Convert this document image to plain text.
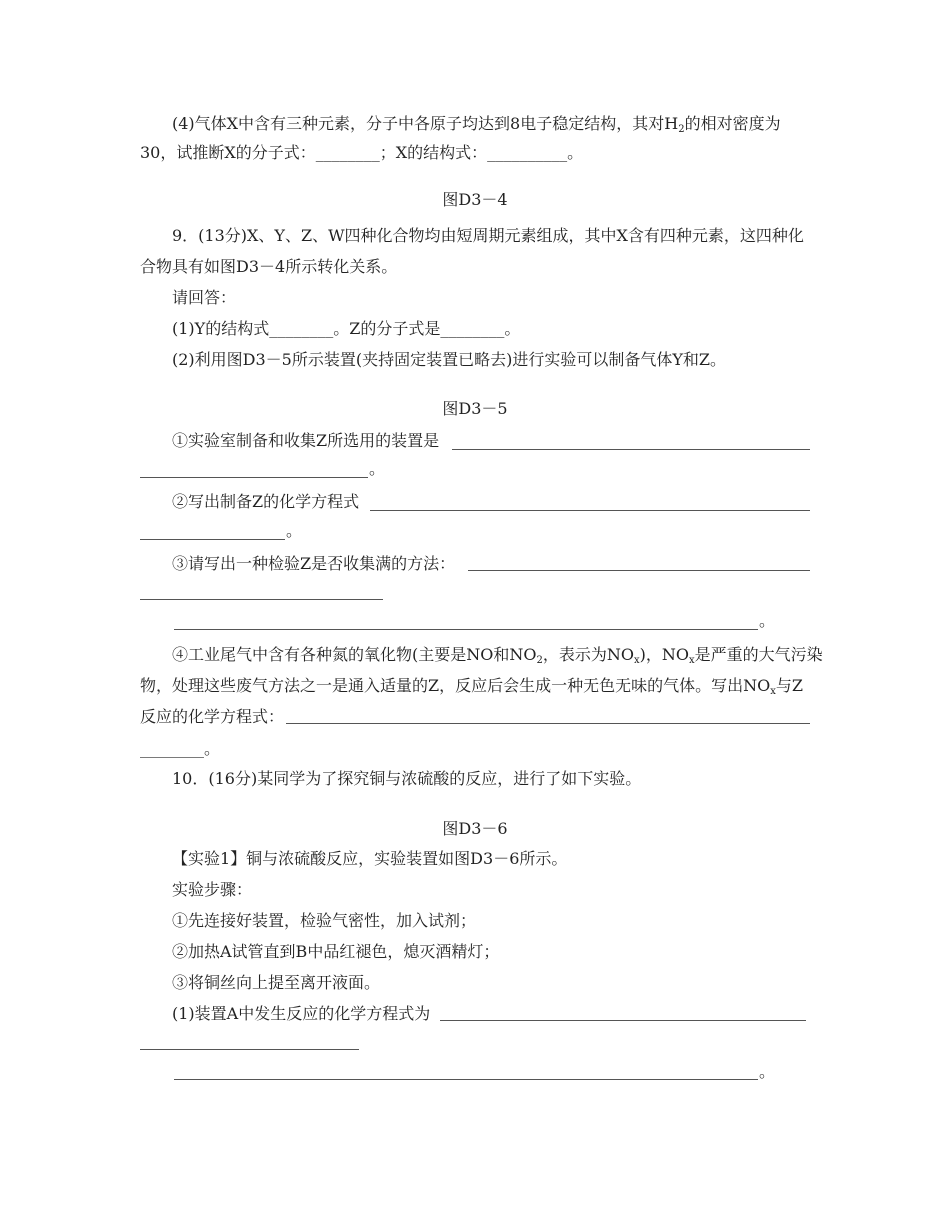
(4)气体X中含有三种元素，分子中各原子均达到8电子稳定结构，其对$H_2$的相对密度为
30，试推断X的分子式：________；X的结构式：__________。
图D3－4
9．(13分)X、Y、Z、W四种化合物均由短周期元素组成，其中X含有四种元素，这四种化
合物具有如图D3－4所示转化关系。
请回答：
(1)Y的结构式________。Z的分子式是________。
(2)利用图D3－5所示装置(夹持固定装置已略去)进行实验可以制备气体Y和Z。
图D3－5
①实验室制备和收集Z所选用的装置是
。
②写出制备Z的化学方程式
。
③请写出一种检验Z是否收集满的方法：
。
④工业尾气中含有各种氮的氧化物(主要是NO和$NO_2$，表示为$NO_x$)，$NO_x$是严重的大气污染
物，处理这些废气方法之一是通入适量的Z，反应后会生成一种无色无味的气体。写出$NO_x$与Z
反应的化学方程式：
________。
10．(16分)某同学为了探究铜与浓硫酸的反应，进行了如下实验。
图D3－6
【实验1】铜与浓硫酸反应，实验装置如图D3－6所示。
实验步骤：
①先连接好装置，检验气密性，加入试剂；
②加热A试管直到B中品红褪色，熄灭酒精灯；
③将铜丝向上提至离开液面。
(1)装置A中发生反应的化学方程式为
。
